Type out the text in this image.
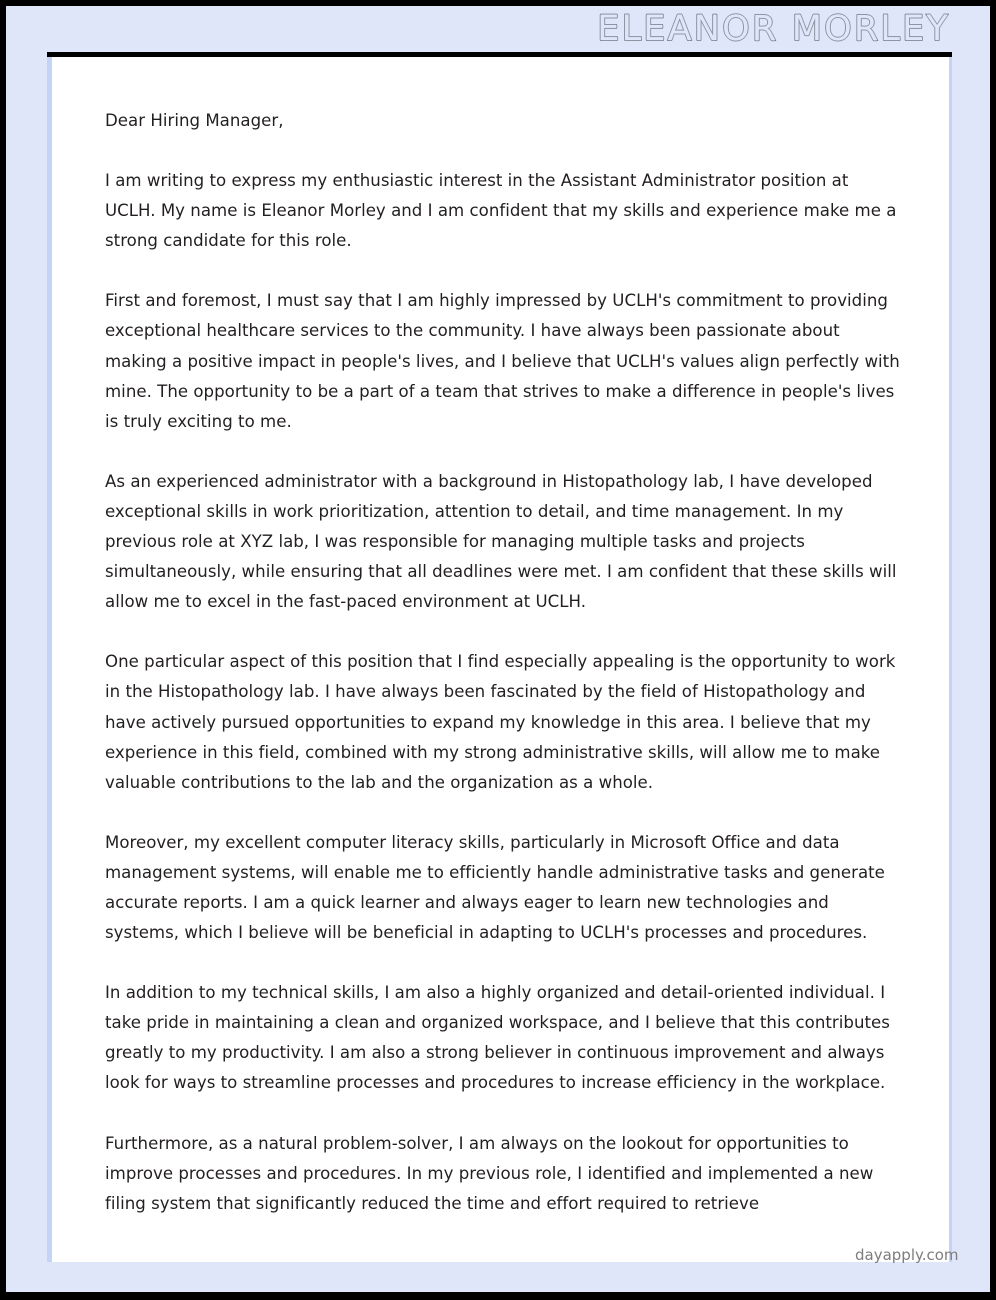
ELEANOR MORLEY

Dear Hiring Manager,

I am writing to express my enthusiastic interest in the Assistant Administrator position at UCLH. My name is Eleanor Morley and I am confident that my skills and experience make me a strong candidate for this role.

First and foremost, I must say that I am highly impressed by UCLH's commitment to providing exceptional healthcare services to the community. I have always been passionate about making a positive impact in people's lives, and I believe that UCLH's values align perfectly with mine. The opportunity to be a part of a team that strives to make a difference in people's lives is truly exciting to me.

As an experienced administrator with a background in Histopathology lab, I have developed exceptional skills in work prioritization, attention to detail, and time management. In my previous role at XYZ lab, I was responsible for managing multiple tasks and projects simultaneously, while ensuring that all deadlines were met. I am confident that these skills will allow me to excel in the fast-paced environment at UCLH.

One particular aspect of this position that I find especially appealing is the opportunity to work in the Histopathology lab. I have always been fascinated by the field of Histopathology and have actively pursued opportunities to expand my knowledge in this area. I believe that my experience in this field, combined with my strong administrative skills, will allow me to make valuable contributions to the lab and the organization as a whole.

Moreover, my excellent computer literacy skills, particularly in Microsoft Office and data management systems, will enable me to efficiently handle administrative tasks and generate accurate reports. I am a quick learner and always eager to learn new technologies and systems, which I believe will be beneficial in adapting to UCLH's processes and procedures.

In addition to my technical skills, I am also a highly organized and detail-oriented individual. I take pride in maintaining a clean and organized workspace, and I believe that this contributes greatly to my productivity. I am also a strong believer in continuous improvement and always look for ways to streamline processes and procedures to increase efficiency in the workplace.

Furthermore, as a natural problem-solver, I am always on the lookout for opportunities to improve processes and procedures. In my previous role, I identified and implemented a new filing system that significantly reduced the time and effort required to retrieve

dayapply.com
